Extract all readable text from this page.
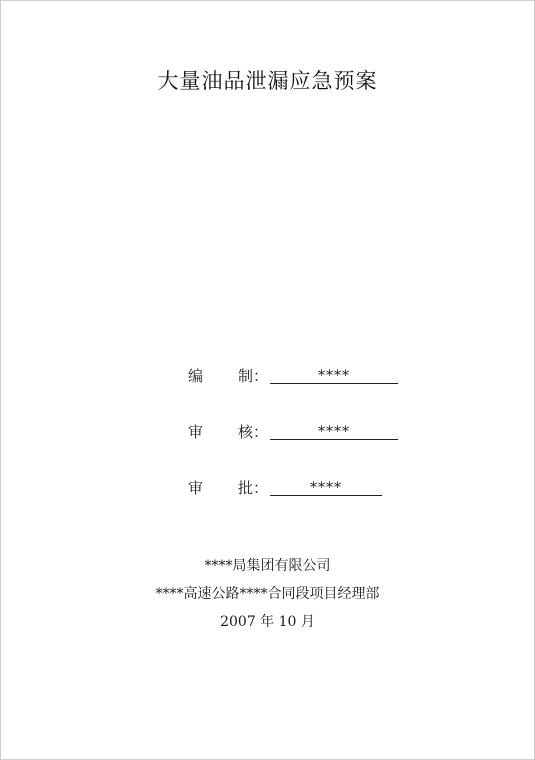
大量油品泄漏应急预案
编 制：	****
审 核：	****
审 批：	****
****局集团有限公司
****高速公路****合同段项目经理部
2007 年 10 月
